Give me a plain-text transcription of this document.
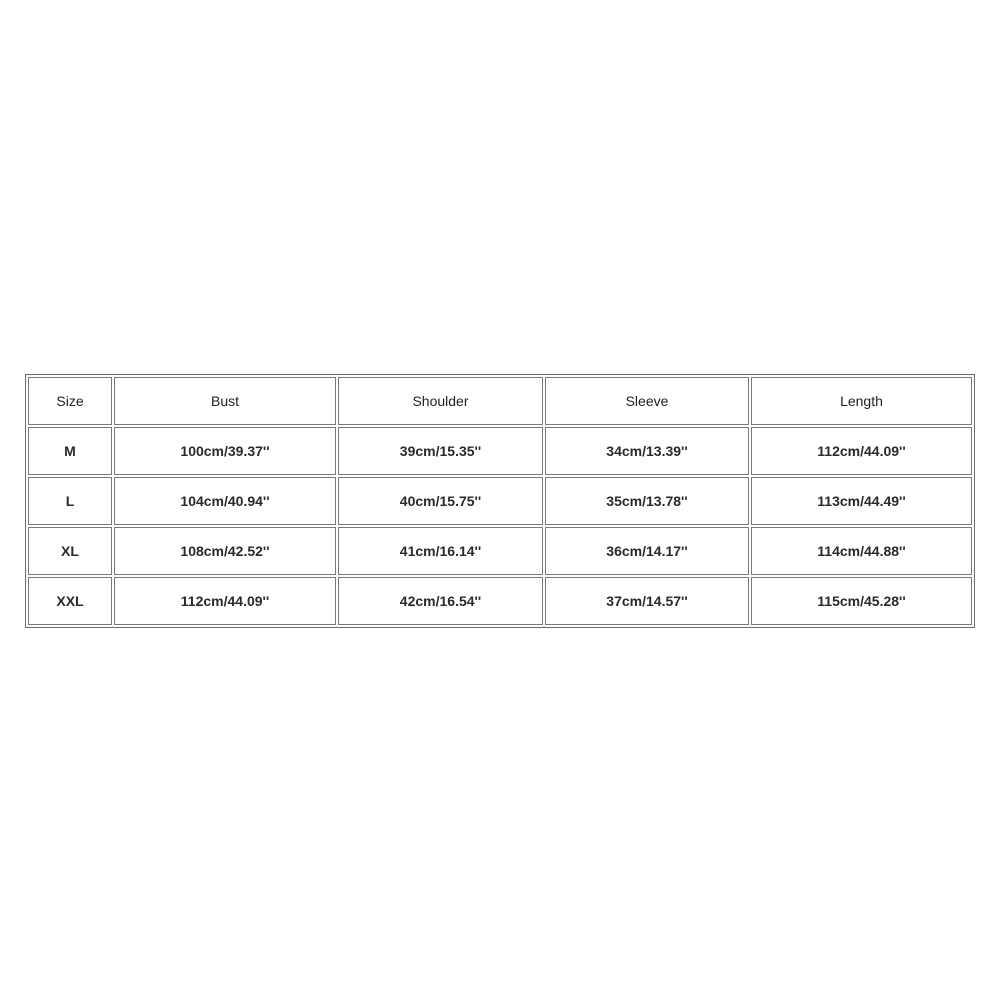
Size	Bust	Shoulder	Sleeve	Length
M	100cm/39.37''	39cm/15.35''	34cm/13.39''	112cm/44.09''
L	104cm/40.94''	40cm/15.75''	35cm/13.78''	113cm/44.49''
XL	108cm/42.52''	41cm/16.14''	36cm/14.17''	114cm/44.88''
XXL	112cm/44.09''	42cm/16.54''	37cm/14.57''	115cm/45.28''
